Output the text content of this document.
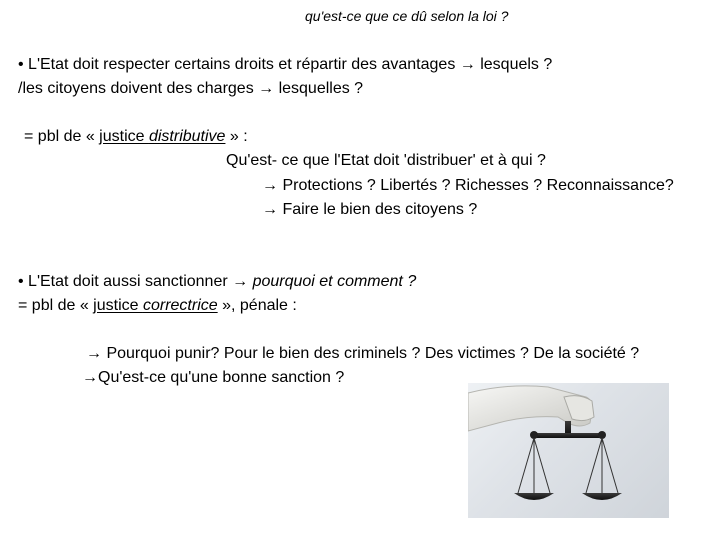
qu'est-ce que ce dû selon la loi ?
• L'Etat doit respecter certains droits et répartir des avantages → lesquels ?
/les citoyens doivent des charges → lesquelles ?
= pbl de « justice distributive » :
Qu'est- ce que l'Etat doit 'distribuer' et à qui ?
→ Protections ? Libertés ? Richesses ? Reconnaissance?
→ Faire le bien des citoyens ?
• L'Etat doit aussi sanctionner → pourquoi et comment ?
= pbl de « justice correctrice », pénale :
→ Pourquoi punir? Pour le bien des criminels ? Des victimes ? De la société ?
→Qu'est-ce qu'une bonne sanction ?
